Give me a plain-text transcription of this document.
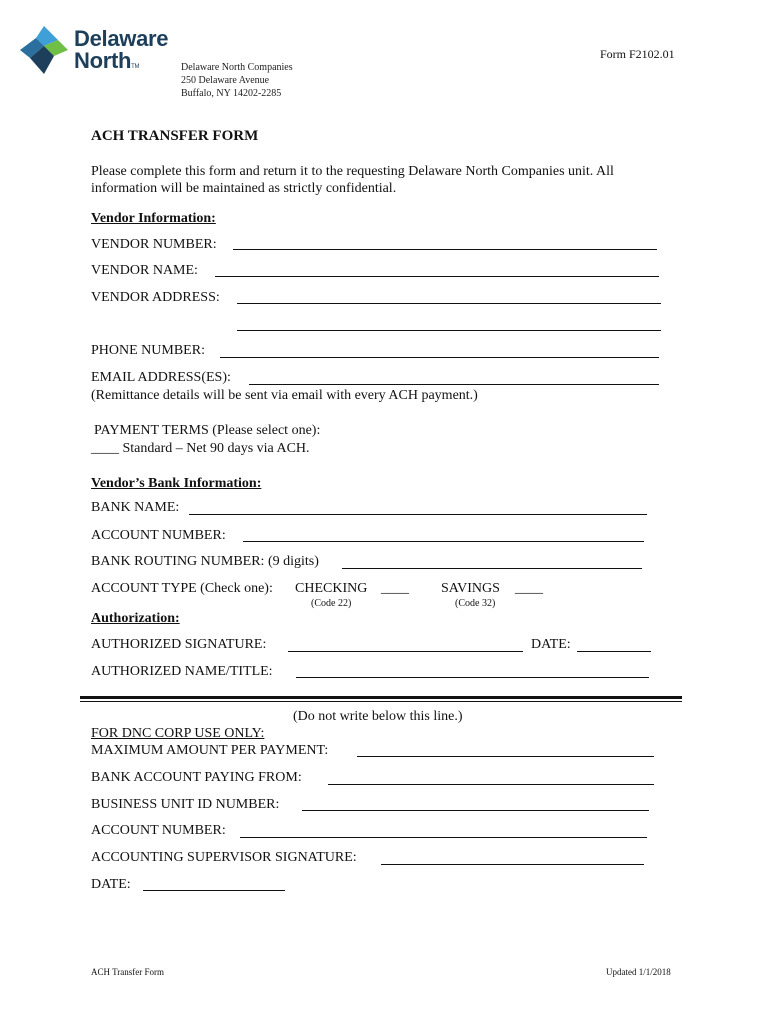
Delaware
NorthTM	Delaware North Companies
250 Delaware Avenue
Buffalo, NY 14202-2285
Form F2102.01
ACH TRANSFER FORM
Please complete this form and return it to the requesting Delaware North Companies unit. All
information will be maintained as strictly confidential.
Vendor Information:
VENDOR NUMBER:
VENDOR NAME:
VENDOR ADDRESS:
PHONE NUMBER:
EMAIL ADDRESS(ES):
(Remittance details will be sent via email with every ACH payment.)
PAYMENT TERMS (Please select one):
____ Standard – Net 90 days via ACH.
Vendor’s Bank Information:
BANK NAME:
ACCOUNT NUMBER:
BANK ROUTING NUMBER: (9 digits)
ACCOUNT TYPE (Check one): CHECKING ____
(Code 22)
SAVINGS ____
(Code 32)
Authorization:
AUTHORIZED SIGNATURE:	DATE:
AUTHORIZED NAME/TITLE:
(Do not write below this line.)
FOR DNC CORP USE ONLY:
MAXIMUM AMOUNT PER PAYMENT:
BANK ACCOUNT PAYING FROM:
BUSINESS UNIT ID NUMBER:
ACCOUNT NUMBER:
ACCOUNTING SUPERVISOR SIGNATURE:
DATE:
ACH Transfer Form	Updated 1/1/2018
